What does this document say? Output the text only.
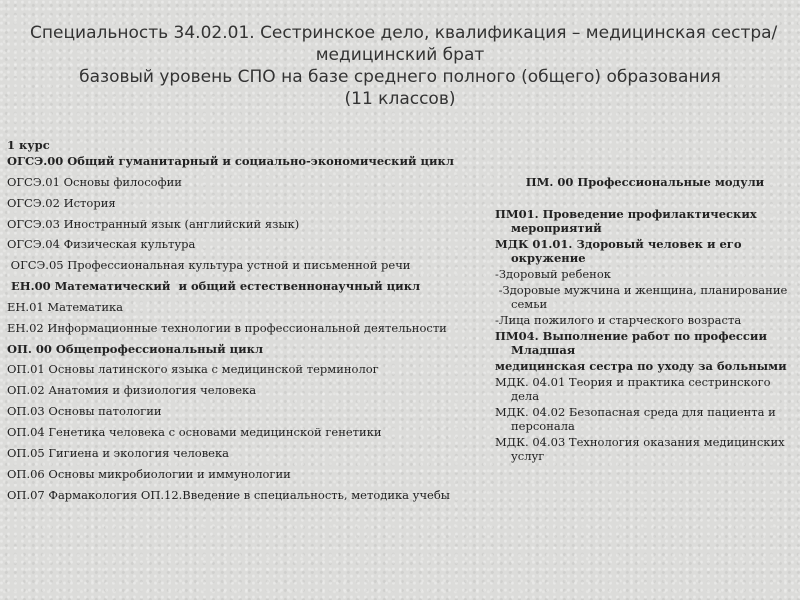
Специальность 34.02.01. Сестринское дело, квалификация – медицинская сестра/
медицинский брат
базовый уровень СПО на базе среднего полного (общего) образования
(11 классов)
1 курс
ОГСЭ.00 Общий гуманитарный и социально-экономический цикл
ОГСЭ.01 Основы философии
ОГСЭ.02 История
ОГСЭ.03 Иностранный язык (английский язык)
ОГСЭ.04 Физическая культура
ОГСЭ.05 Профессиональная культура устной и письменной речи
ЕН.00 Математический  и общий естественнонаучный цикл
ЕН.01 Математика
ЕН.02 Информационные технологии в профессиональной деятельности
ОП. 00 Общепрофессиональный цикл
ОП.01 Основы латинского языка с медицинской терминолог
ОП.02 Анатомия и физиология человека
ОП.03 Основы патологии
ОП.04 Генетика человека с основами медицинской генетики
ОП.05 Гигиена и экология человека
ОП.06 Основы микробиологии и иммунологии
ОП.07 Фармакология ОП.12.Введение в специальность, методика учебы
ПМ. 00 Профессиональные модули
ПМ01. Проведение профилактических мероприятий
МДК 01.01. Здоровый человек и его окружение
-Здоровый ребенок
-Здоровые мужчина и женщина, планирование семьи
-Лица пожилого и старческого возраста
ПМ04. Выполнение работ по профессии Младшая
медицинская сестра по уходу за больными
МДК. 04.01 Теория и практика сестринского дела
МДК. 04.02 Безопасная среда для пациента и персонала
МДК. 04.03 Технология оказания медицинских услуг
